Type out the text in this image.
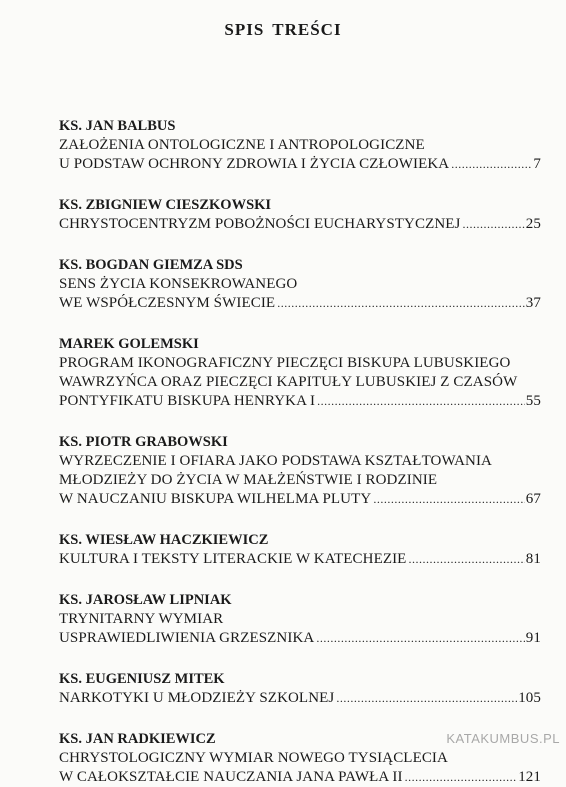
SPIS TREŚCI
KS. JAN BALBUS
ZAŁOŻENIA ONTOLOGICZNE I ANTROPOLOGICZNE
U PODSTAW OCHRONY ZDROWIA I ŻYCIA CZŁOWIEKA .....	7
KS. ZBIGNIEW CIESZKOWSKI
CHRYSTOCENTRYZM POBOŻNOŚCI EUCHARYSTYCZNEJ .....	25
KS. BOGDAN GIEMZA SDS
SENS ŻYCIA KONSEKROWANEGO
WE WSPÓŁCZESNYM ŚWIECIE .....	37
MAREK GOLEMSKI
PROGRAM IKONOGRAFICZNY PIECZĘCI BISKUPA LUBUSKIEGO
WAWRZYŃCA ORAZ PIECZĘCI KAPITUŁY LUBUSKIEJ Z CZASÓW
PONTYFIKATU BISKUPA HENRYKA I .....	55
KS. PIOTR GRABOWSKI
WYRZECZENIE I OFIARA JAKO PODSTAWA KSZTAŁTOWANIA
MŁODZIEŻY DO ŻYCIA W MAŁŻEŃSTWIE I RODZINIE
W NAUCZANIU BISKUPA WILHELMA PLUTY .....	67
KS. WIESŁAW HACZKIEWICZ
KULTURA I TEKSTY LITERACKIE W KATECHEZIE .....	81
KS. JAROSŁAW LIPNIAK
TRYNITARNY WYMIAR
USPRAWIEDLIWIENIA GRZESZNIKA .....	91
KS. EUGENIUSZ MITEK
NARKOTYKI U MŁODZIEŻY SZKOLNEJ .....	105
KS. JAN RADKIEWICZ
CHRYSTOLOGICZNY WYMIAR NOWEGO TYSIĄCLECIA
W CAŁOKSZTAŁCIE NAUCZANIA JANA PAWŁA II .....	121
KATAKUMBUS.PL
